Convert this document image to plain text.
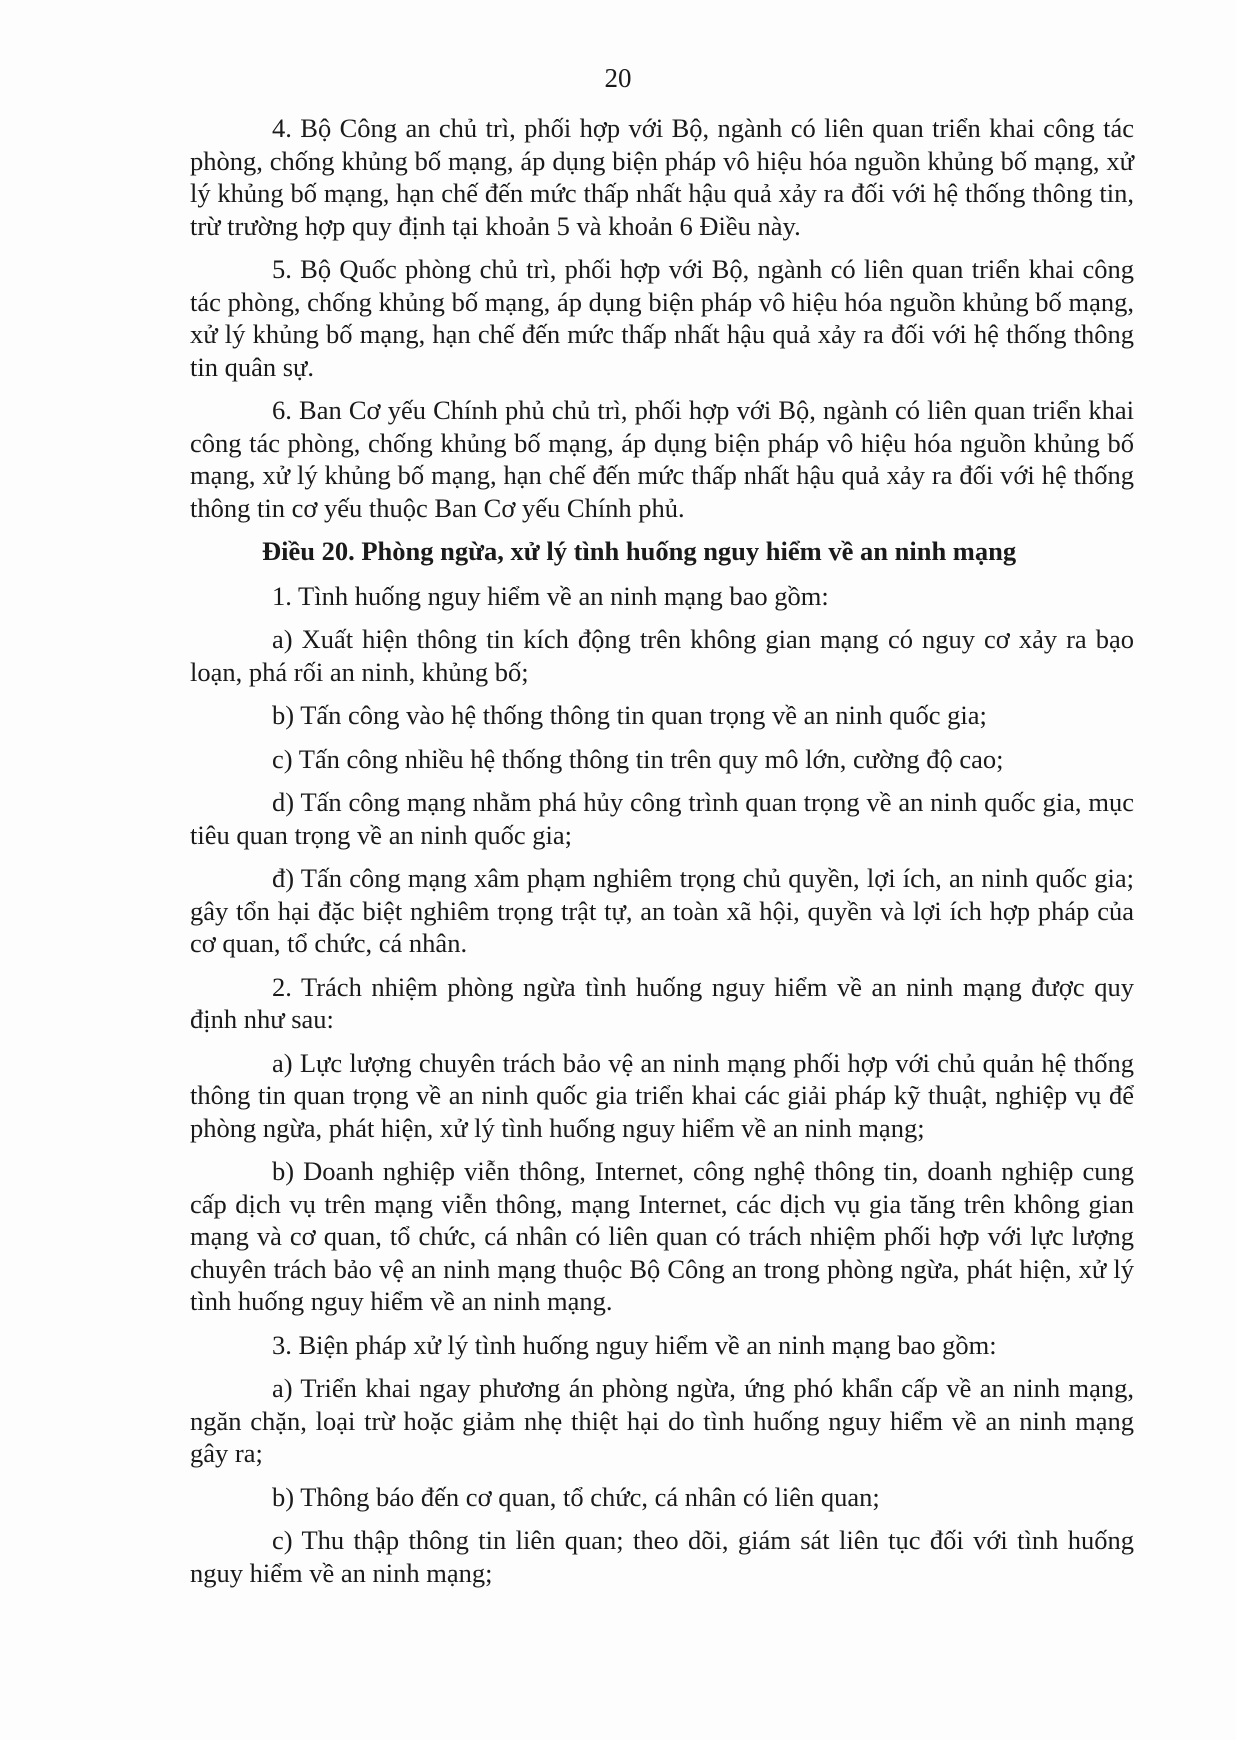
20

4. Bộ Công an chủ trì, phối hợp với Bộ, ngành có liên quan triển khai công tác phòng, chống khủng bố mạng, áp dụng biện pháp vô hiệu hóa nguồn khủng bố mạng, xử lý khủng bố mạng, hạn chế đến mức thấp nhất hậu quả xảy ra đối với hệ thống thông tin, trừ trường hợp quy định tại khoản 5 và khoản 6 Điều này.

5. Bộ Quốc phòng chủ trì, phối hợp với Bộ, ngành có liên quan triển khai công tác phòng, chống khủng bố mạng, áp dụng biện pháp vô hiệu hóa nguồn khủng bố mạng, xử lý khủng bố mạng, hạn chế đến mức thấp nhất hậu quả xảy ra đối với hệ thống thông tin quân sự.

6. Ban Cơ yếu Chính phủ chủ trì, phối hợp với Bộ, ngành có liên quan triển khai công tác phòng, chống khủng bố mạng, áp dụng biện pháp vô hiệu hóa nguồn khủng bố mạng, xử lý khủng bố mạng, hạn chế đến mức thấp nhất hậu quả xảy ra đối với hệ thống thông tin cơ yếu thuộc Ban Cơ yếu Chính phủ.

Điều 20. Phòng ngừa, xử lý tình huống nguy hiểm về an ninh mạng

1. Tình huống nguy hiểm về an ninh mạng bao gồm:

a) Xuất hiện thông tin kích động trên không gian mạng có nguy cơ xảy ra bạo loạn, phá rối an ninh, khủng bố;

b) Tấn công vào hệ thống thông tin quan trọng về an ninh quốc gia;

c) Tấn công nhiều hệ thống thông tin trên quy mô lớn, cường độ cao;

d) Tấn công mạng nhằm phá hủy công trình quan trọng về an ninh quốc gia, mục tiêu quan trọng về an ninh quốc gia;

đ) Tấn công mạng xâm phạm nghiêm trọng chủ quyền, lợi ích, an ninh quốc gia; gây tổn hại đặc biệt nghiêm trọng trật tự, an toàn xã hội, quyền và lợi ích hợp pháp của cơ quan, tổ chức, cá nhân.

2. Trách nhiệm phòng ngừa tình huống nguy hiểm về an ninh mạng được quy định như sau:

a) Lực lượng chuyên trách bảo vệ an ninh mạng phối hợp với chủ quản hệ thống thông tin quan trọng về an ninh quốc gia triển khai các giải pháp kỹ thuật, nghiệp vụ để phòng ngừa, phát hiện, xử lý tình huống nguy hiểm về an ninh mạng;

b) Doanh nghiệp viễn thông, Internet, công nghệ thông tin, doanh nghiệp cung cấp dịch vụ trên mạng viễn thông, mạng Internet, các dịch vụ gia tăng trên không gian mạng và cơ quan, tổ chức, cá nhân có liên quan có trách nhiệm phối hợp với lực lượng chuyên trách bảo vệ an ninh mạng thuộc Bộ Công an trong phòng ngừa, phát hiện, xử lý tình huống nguy hiểm về an ninh mạng.

3. Biện pháp xử lý tình huống nguy hiểm về an ninh mạng bao gồm:

a) Triển khai ngay phương án phòng ngừa, ứng phó khẩn cấp về an ninh mạng, ngăn chặn, loại trừ hoặc giảm nhẹ thiệt hại do tình huống nguy hiểm về an ninh mạng gây ra;

b) Thông báo đến cơ quan, tổ chức, cá nhân có liên quan;

c) Thu thập thông tin liên quan; theo dõi, giám sát liên tục đối với tình huống nguy hiểm về an ninh mạng;
